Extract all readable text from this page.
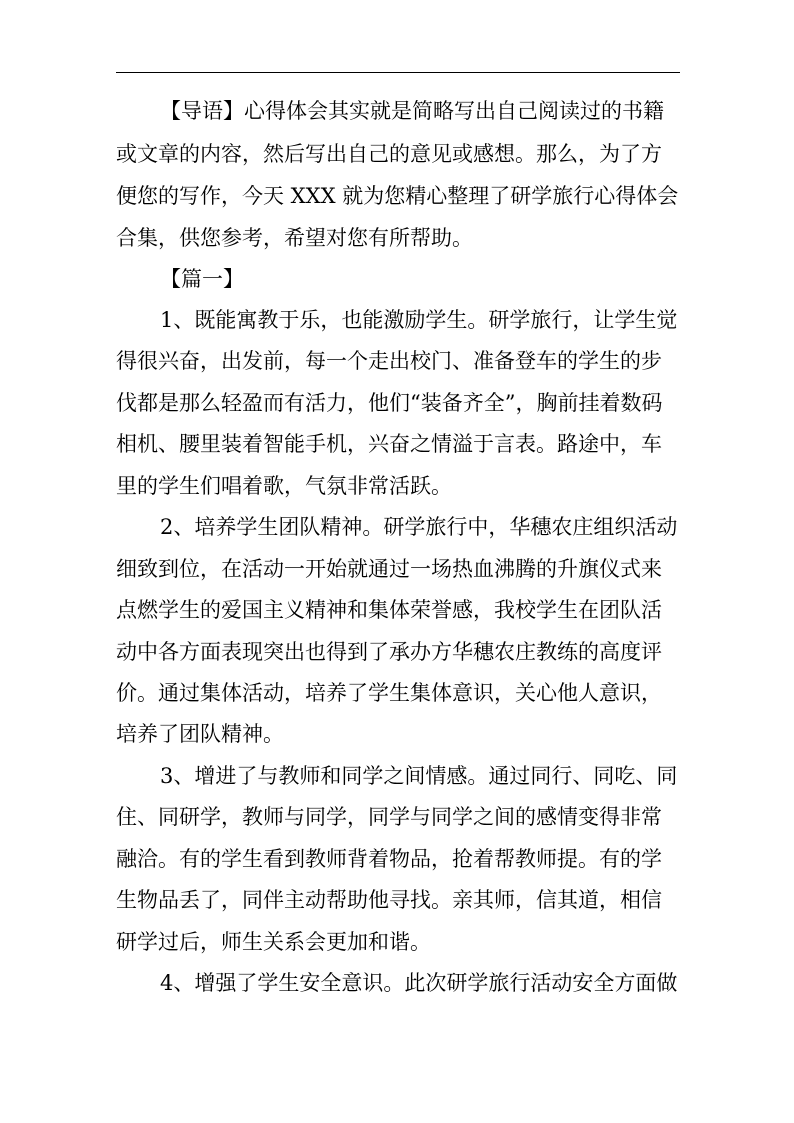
【导语】心得体会其实就是简略写出自己阅读过的书籍
或文章的内容，然后写出自己的意见或感想。那么，为了方
便您的写作，今天 XXX 就为您精心整理了研学旅行心得体会
合集，供您参考，希望对您有所帮助。
【篇一】
1、既能寓教于乐，也能激励学生。研学旅行，让学生觉
得很兴奋，出发前，每一个走出校门、准备登车的学生的步
伐都是那么轻盈而有活力，他们“装备齐全”，胸前挂着数码
相机、腰里装着智能手机，兴奋之情溢于言表。路途中，车
里的学生们唱着歌，气氛非常活跃。
2、培养学生团队精神。研学旅行中，华穗农庄组织活动
细致到位，在活动一开始就通过一场热血沸腾的升旗仪式来
点燃学生的爱国主义精神和集体荣誉感，我校学生在团队活
动中各方面表现突出也得到了承办方华穗农庄教练的高度评
价。通过集体活动，培养了学生集体意识，关心他人意识，
培养了团队精神。
3、增进了与教师和同学之间情感。通过同行、同吃、同
住、同研学，教师与同学，同学与同学之间的感情变得非常
融洽。有的学生看到教师背着物品，抢着帮教师提。有的学
生物品丢了，同伴主动帮助他寻找。亲其师，信其道，相信
研学过后，师生关系会更加和谐。
4、增强了学生安全意识。此次研学旅行活动安全方面做
